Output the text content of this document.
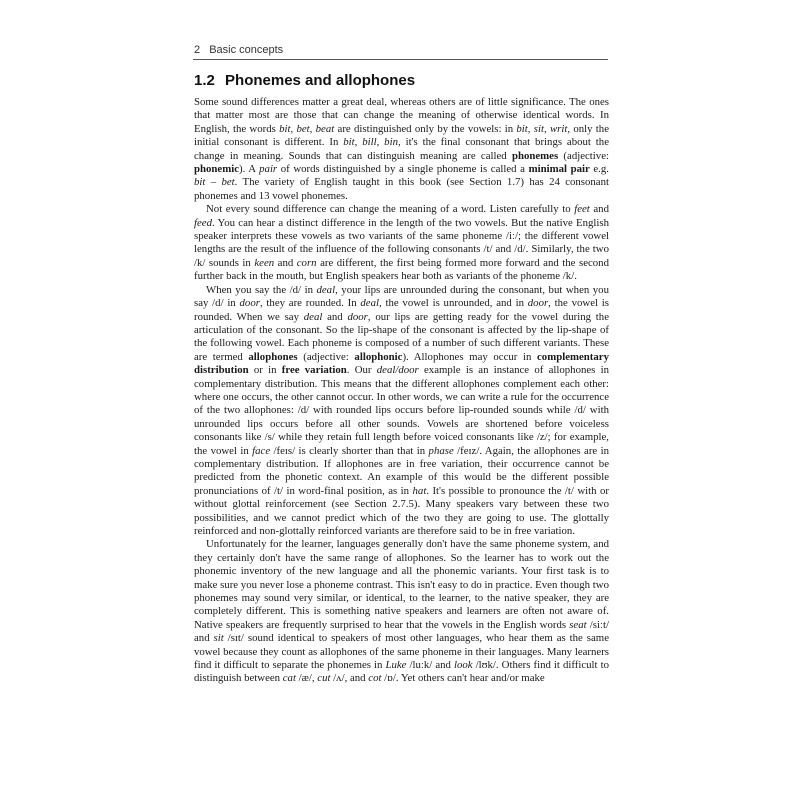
2 Basic concepts
1.2 Phonemes and allophones

Some sound differences matter a great deal, whereas others are of little significance. The ones that matter most are those that can change the meaning of otherwise identical words. In English, the words bit, bet, beat are distinguished only by the vowels: in bit, sit, writ, only the initial consonant is different. In bit, bill, bin, it's the final consonant that brings about the change in meaning. Sounds that can distinguish meaning are called phonemes (adjective: phonemic). A pair of words distinguished by a single phoneme is called a minimal pair e.g. bit – bet. The variety of English taught in this book (see Section 1.7) has 24 consonant phonemes and 13 vowel phonemes.

Not every sound difference can change the meaning of a word. Listen carefully to feet and feed. You can hear a distinct difference in the length of the two vowels. But the native English speaker interprets these vowels as two variants of the same phoneme /iː/; the different vowel lengths are the result of the influence of the following consonants /t/ and /d/. Similarly, the two /k/ sounds in keen and corn are different, the first being formed more forward and the second further back in the mouth, but English speakers hear both as variants of the phoneme /k/.

When you say the /d/ in deal, your lips are unrounded during the consonant, but when you say /d/ in door, they are rounded. In deal, the vowel is unrounded, and in door, the vowel is rounded. When we say deal and door, our lips are getting ready for the vowel during the articulation of the consonant. So the lip-shape of the consonant is affected by the lip-shape of the following vowel. Each phoneme is composed of a number of such different variants. These are termed allophones (adjective: allophonic). Allophones may occur in complementary distribution or in free variation. Our deal/door example is an instance of allophones in complementary distribution. This means that the different allophones complement each other: where one occurs, the other cannot occur. In other words, we can write a rule for the occurrence of the two allophones: /d/ with rounded lips occurs before lip-rounded sounds while /d/ with unrounded lips occurs before all other sounds. Vowels are shortened before voiceless consonants like /s/ while they retain full length before voiced consonants like /z/; for example, the vowel in face /feɪs/ is clearly shorter than that in phase /feɪz/. Again, the allophones are in complementary distribution. If allophones are in free variation, their occurrence cannot be predicted from the phonetic context. An example of this would be the different possible pronunciations of /t/ in word-final position, as in hat. It's possible to pronounce the /t/ with or without glottal reinforcement (see Section 2.7.5). Many speakers vary between these two possibilities, and we cannot predict which of the two they are going to use. The glottally reinforced and non-glottally reinforced variants are therefore said to be in free variation.

Unfortunately for the learner, languages generally don't have the same phoneme system, and they certainly don't have the same range of allophones. So the learner has to work out the phonemic inventory of the new language and all the phonemic variants. Your first task is to make sure you never lose a phoneme contrast. This isn't easy to do in practice. Even though two phonemes may sound very similar, or identical, to the learner, to the native speaker, they are completely different. This is something native speakers and learners are often not aware of. Native speakers are frequently surprised to hear that the vowels in the English words seat /siːt/ and sit /sɪt/ sound identical to speakers of most other languages, who hear them as the same vowel because they count as allophones of the same phoneme in their languages. Many learners find it difficult to separate the phonemes in Luke /luːk/ and look /lʊk/. Others find it difficult to distinguish between cat /æ/, cut /ʌ/, and cot /ɒ/. Yet others can't hear and/or make
